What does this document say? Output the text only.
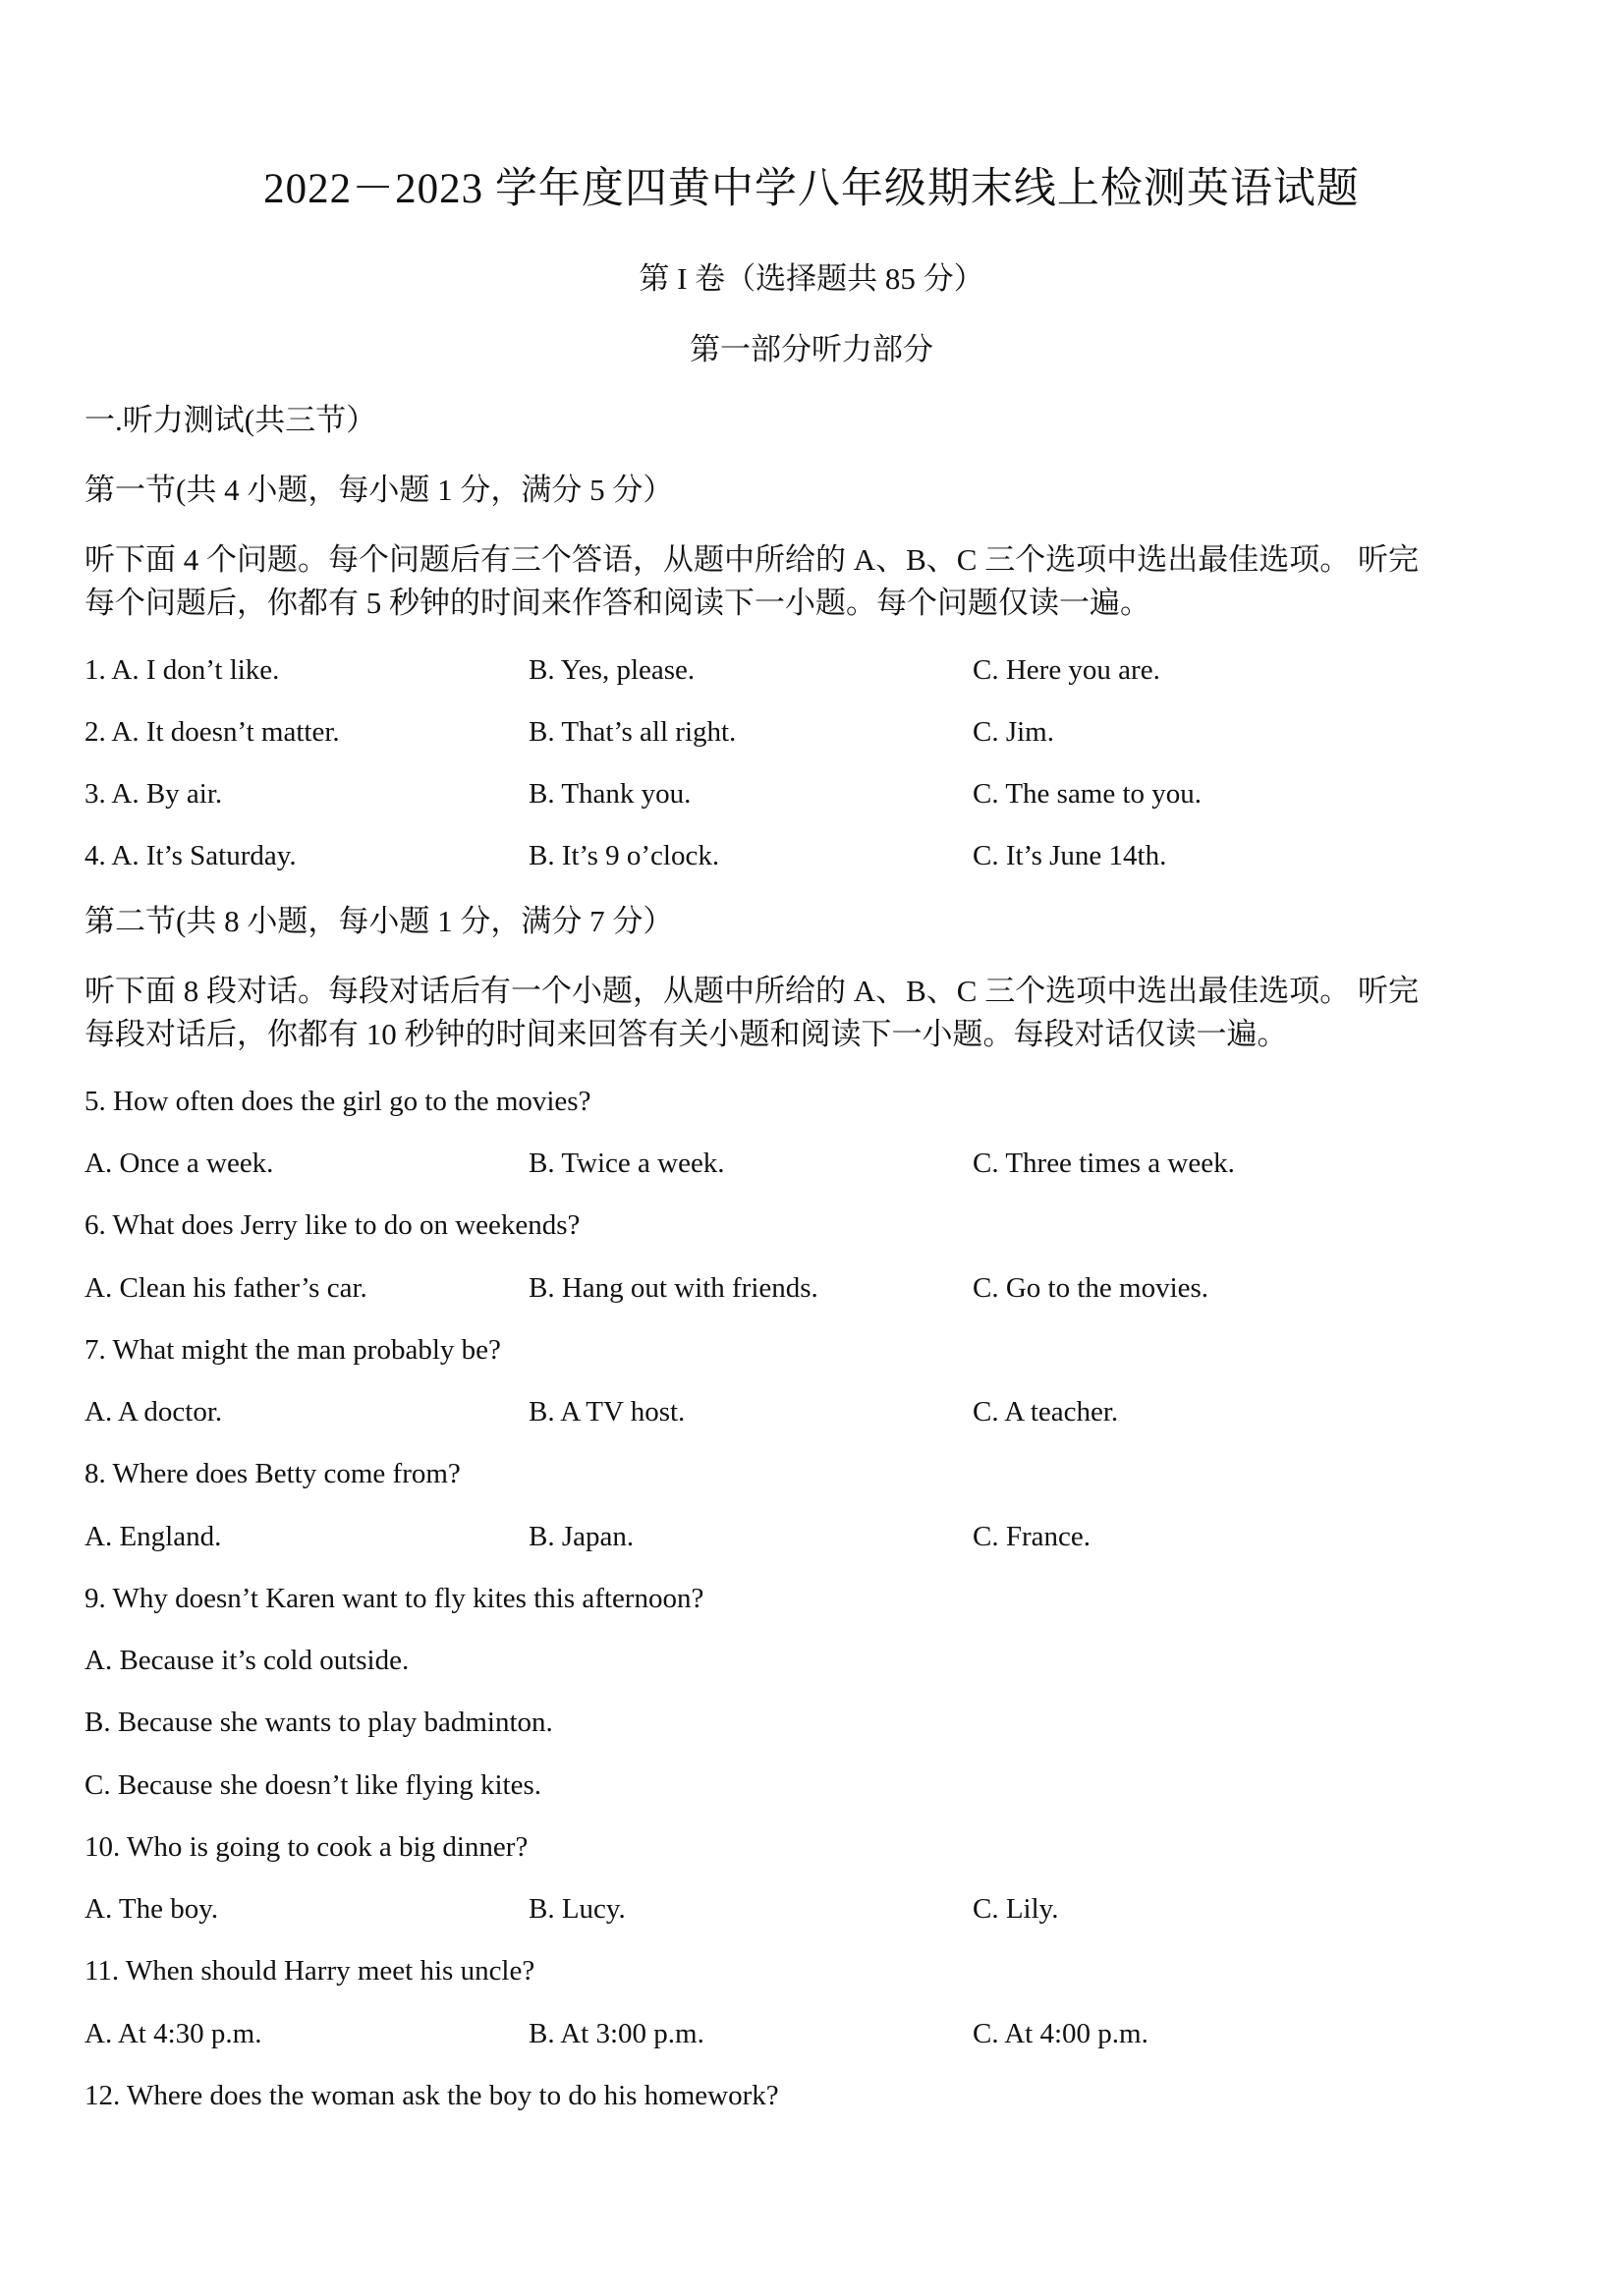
2022－2023 学年度四黄中学八年级期末线上检测英语试题
第 I 卷（选择题共 85 分）
第一部分听力部分
一.听力测试(共三节）
第一节(共 4 小题，每小题 1 分，满分 5 分）
听下面 4 个问题。每个问题后有三个答语，从题中所给的 A、B、C 三个选项中选出最佳选项。 听完
每个问题后，你都有 5 秒钟的时间来作答和阅读下一小题。每个问题仅读一遍。
1. A. I don’t like.	B. Yes, please.	C. Here you are.
2. A. It doesn’t matter.	B. That’s all right.	C. Jim.
3. A. By air.	B. Thank you.	C. The same to you.
4. A. It’s Saturday.	B. It’s 9 o’clock.	C. It’s June 14th.
第二节(共 8 小题，每小题 1 分，满分 7 分）
听下面 8 段对话。每段对话后有一个小题，从题中所给的 A、B、C 三个选项中选出最佳选项。 听完
每段对话后，你都有 10 秒钟的时间来回答有关小题和阅读下一小题。每段对话仅读一遍。
5. How often does the girl go to the movies?
A. Once a week.	B. Twice a week.	C. Three times a week.
6. What does Jerry like to do on weekends?
A. Clean his father’s car.	B. Hang out with friends.	C. Go to the movies.
7. What might the man probably be?
A. A doctor.	B. A TV host.	C. A teacher.
8. Where does Betty come from?
A. England.	B. Japan.	C. France.
9. Why doesn’t Karen want to fly kites this afternoon?
A. Because it’s cold outside.
B. Because she wants to play badminton.
C. Because she doesn’t like flying kites.
10. Who is going to cook a big dinner?
A. The boy.	B. Lucy.	C. Lily.
11. When should Harry meet his uncle?
A. At 4:30 p.m.	B. At 3:00 p.m.	C. At 4:00 p.m.
12. Where does the woman ask the boy to do his homework?
